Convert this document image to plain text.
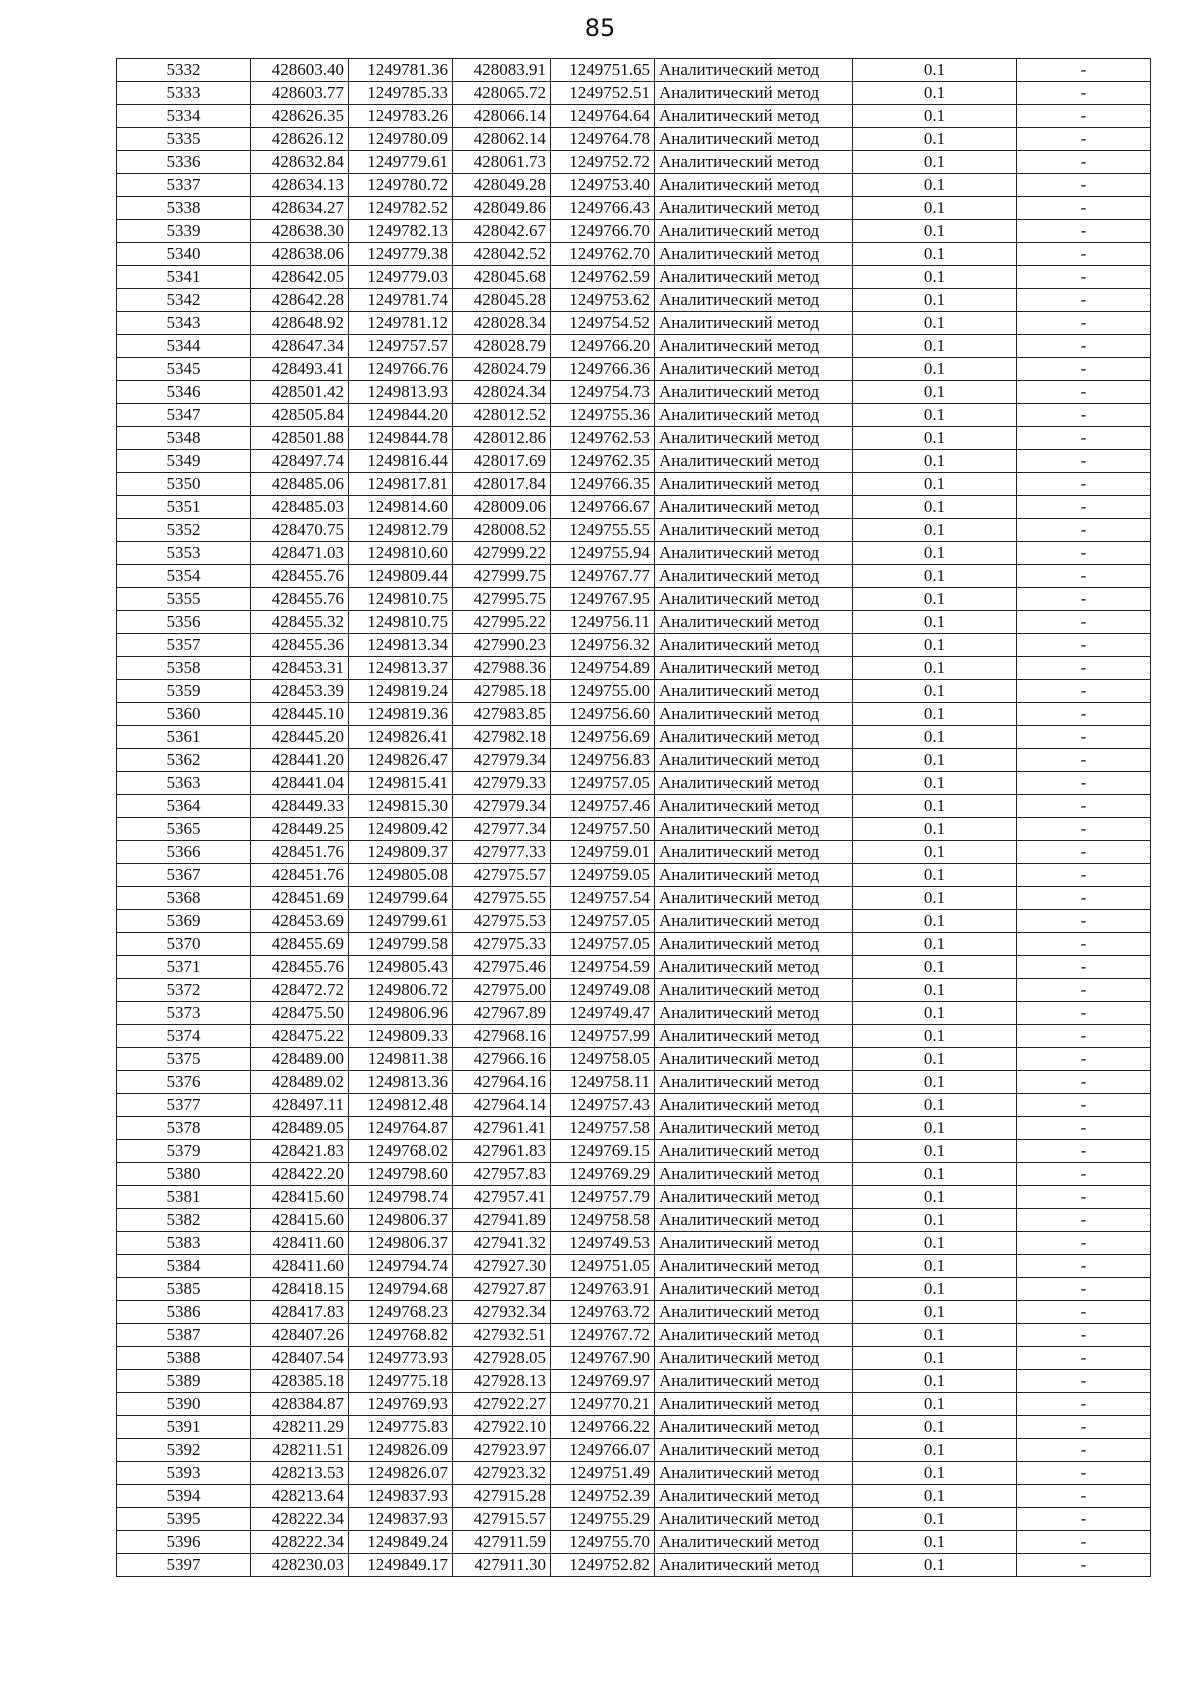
85
5332	428603.40	1249781.36	428083.91	1249751.65	Аналитический метод	0.1	-
5333	428603.77	1249785.33	428065.72	1249752.51	Аналитический метод	0.1	-
5334	428626.35	1249783.26	428066.14	1249764.64	Аналитический метод	0.1	-
5335	428626.12	1249780.09	428062.14	1249764.78	Аналитический метод	0.1	-
5336	428632.84	1249779.61	428061.73	1249752.72	Аналитический метод	0.1	-
5337	428634.13	1249780.72	428049.28	1249753.40	Аналитический метод	0.1	-
5338	428634.27	1249782.52	428049.86	1249766.43	Аналитический метод	0.1	-
5339	428638.30	1249782.13	428042.67	1249766.70	Аналитический метод	0.1	-
5340	428638.06	1249779.38	428042.52	1249762.70	Аналитический метод	0.1	-
5341	428642.05	1249779.03	428045.68	1249762.59	Аналитический метод	0.1	-
5342	428642.28	1249781.74	428045.28	1249753.62	Аналитический метод	0.1	-
5343	428648.92	1249781.12	428028.34	1249754.52	Аналитический метод	0.1	-
5344	428647.34	1249757.57	428028.79	1249766.20	Аналитический метод	0.1	-
5345	428493.41	1249766.76	428024.79	1249766.36	Аналитический метод	0.1	-
5346	428501.42	1249813.93	428024.34	1249754.73	Аналитический метод	0.1	-
5347	428505.84	1249844.20	428012.52	1249755.36	Аналитический метод	0.1	-
5348	428501.88	1249844.78	428012.86	1249762.53	Аналитический метод	0.1	-
5349	428497.74	1249816.44	428017.69	1249762.35	Аналитический метод	0.1	-
5350	428485.06	1249817.81	428017.84	1249766.35	Аналитический метод	0.1	-
5351	428485.03	1249814.60	428009.06	1249766.67	Аналитический метод	0.1	-
5352	428470.75	1249812.79	428008.52	1249755.55	Аналитический метод	0.1	-
5353	428471.03	1249810.60	427999.22	1249755.94	Аналитический метод	0.1	-
5354	428455.76	1249809.44	427999.75	1249767.77	Аналитический метод	0.1	-
5355	428455.76	1249810.75	427995.75	1249767.95	Аналитический метод	0.1	-
5356	428455.32	1249810.75	427995.22	1249756.11	Аналитический метод	0.1	-
5357	428455.36	1249813.34	427990.23	1249756.32	Аналитический метод	0.1	-
5358	428453.31	1249813.37	427988.36	1249754.89	Аналитический метод	0.1	-
5359	428453.39	1249819.24	427985.18	1249755.00	Аналитический метод	0.1	-
5360	428445.10	1249819.36	427983.85	1249756.60	Аналитический метод	0.1	-
5361	428445.20	1249826.41	427982.18	1249756.69	Аналитический метод	0.1	-
5362	428441.20	1249826.47	427979.34	1249756.83	Аналитический метод	0.1	-
5363	428441.04	1249815.41	427979.33	1249757.05	Аналитический метод	0.1	-
5364	428449.33	1249815.30	427979.34	1249757.46	Аналитический метод	0.1	-
5365	428449.25	1249809.42	427977.34	1249757.50	Аналитический метод	0.1	-
5366	428451.76	1249809.37	427977.33	1249759.01	Аналитический метод	0.1	-
5367	428451.76	1249805.08	427975.57	1249759.05	Аналитический метод	0.1	-
5368	428451.69	1249799.64	427975.55	1249757.54	Аналитический метод	0.1	-
5369	428453.69	1249799.61	427975.53	1249757.05	Аналитический метод	0.1	-
5370	428455.69	1249799.58	427975.33	1249757.05	Аналитический метод	0.1	-
5371	428455.76	1249805.43	427975.46	1249754.59	Аналитический метод	0.1	-
5372	428472.72	1249806.72	427975.00	1249749.08	Аналитический метод	0.1	-
5373	428475.50	1249806.96	427967.89	1249749.47	Аналитический метод	0.1	-
5374	428475.22	1249809.33	427968.16	1249757.99	Аналитический метод	0.1	-
5375	428489.00	1249811.38	427966.16	1249758.05	Аналитический метод	0.1	-
5376	428489.02	1249813.36	427964.16	1249758.11	Аналитический метод	0.1	-
5377	428497.11	1249812.48	427964.14	1249757.43	Аналитический метод	0.1	-
5378	428489.05	1249764.87	427961.41	1249757.58	Аналитический метод	0.1	-
5379	428421.83	1249768.02	427961.83	1249769.15	Аналитический метод	0.1	-
5380	428422.20	1249798.60	427957.83	1249769.29	Аналитический метод	0.1	-
5381	428415.60	1249798.74	427957.41	1249757.79	Аналитический метод	0.1	-
5382	428415.60	1249806.37	427941.89	1249758.58	Аналитический метод	0.1	-
5383	428411.60	1249806.37	427941.32	1249749.53	Аналитический метод	0.1	-
5384	428411.60	1249794.74	427927.30	1249751.05	Аналитический метод	0.1	-
5385	428418.15	1249794.68	427927.87	1249763.91	Аналитический метод	0.1	-
5386	428417.83	1249768.23	427932.34	1249763.72	Аналитический метод	0.1	-
5387	428407.26	1249768.82	427932.51	1249767.72	Аналитический метод	0.1	-
5388	428407.54	1249773.93	427928.05	1249767.90	Аналитический метод	0.1	-
5389	428385.18	1249775.18	427928.13	1249769.97	Аналитический метод	0.1	-
5390	428384.87	1249769.93	427922.27	1249770.21	Аналитический метод	0.1	-
5391	428211.29	1249775.83	427922.10	1249766.22	Аналитический метод	0.1	-
5392	428211.51	1249826.09	427923.97	1249766.07	Аналитический метод	0.1	-
5393	428213.53	1249826.07	427923.32	1249751.49	Аналитический метод	0.1	-
5394	428213.64	1249837.93	427915.28	1249752.39	Аналитический метод	0.1	-
5395	428222.34	1249837.93	427915.57	1249755.29	Аналитический метод	0.1	-
5396	428222.34	1249849.24	427911.59	1249755.70	Аналитический метод	0.1	-
5397	428230.03	1249849.17	427911.30	1249752.82	Аналитический метод	0.1	-
